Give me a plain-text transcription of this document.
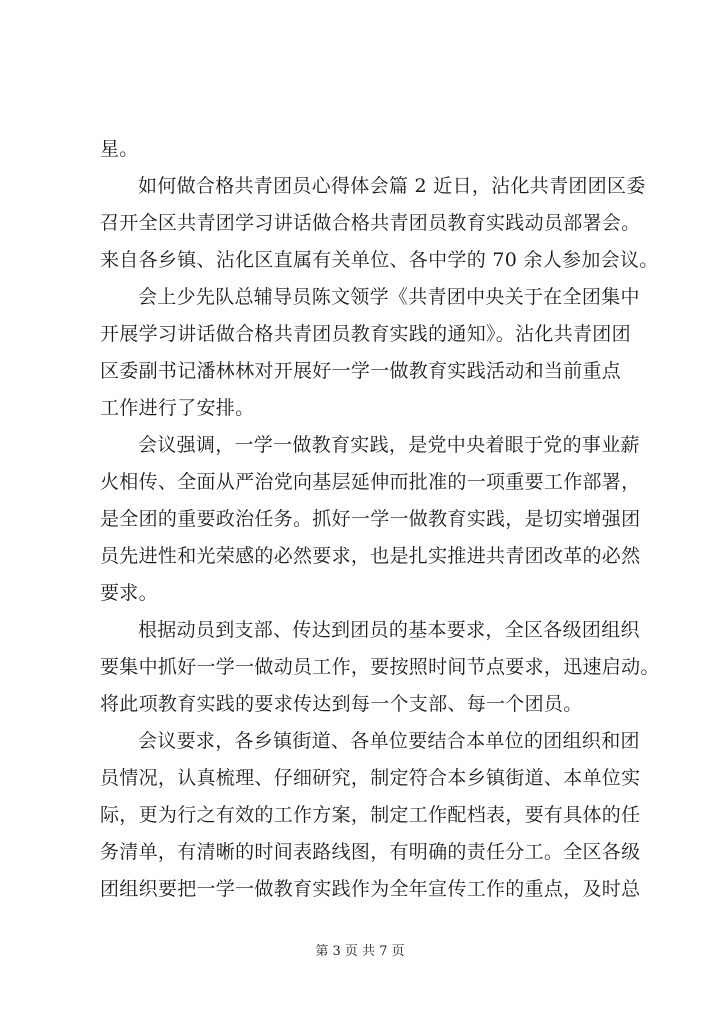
星。
如何做合格共青团员心得体会篇 2 近日，沾化共青团团区委
召开全区共青团学习讲话做合格共青团员教育实践动员部署会。
来自各乡镇、沾化区直属有关单位、各中学的 70 余人参加会议。
会上少先队总辅导员陈文领学《共青团中央关于在全团集中
开展学习讲话做合格共青团员教育实践的通知》。沾化共青团团
区委副书记潘林林对开展好一学一做教育实践活动和当前重点
工作进行了安排。
会议强调，一学一做教育实践，是党中央着眼于党的事业薪
火相传、全面从严治党向基层延伸而批准的一项重要工作部署，
是全团的重要政治任务。抓好一学一做教育实践，是切实增强团
员先进性和光荣感的必然要求，也是扎实推进共青团改革的必然
要求。
根据动员到支部、传达到团员的基本要求，全区各级团组织
要集中抓好一学一做动员工作，要按照时间节点要求，迅速启动。
将此项教育实践的要求传达到每一个支部、每一个团员。
会议要求，各乡镇街道、各单位要结合本单位的团组织和团
员情况，认真梳理、仔细研究，制定符合本乡镇街道、本单位实
际，更为行之有效的工作方案，制定工作配档表，要有具体的任
务清单，有清晰的时间表路线图，有明确的责任分工。全区各级
团组织要把一学一做教育实践作为全年宣传工作的重点，及时总
第 3 页 共 7 页
